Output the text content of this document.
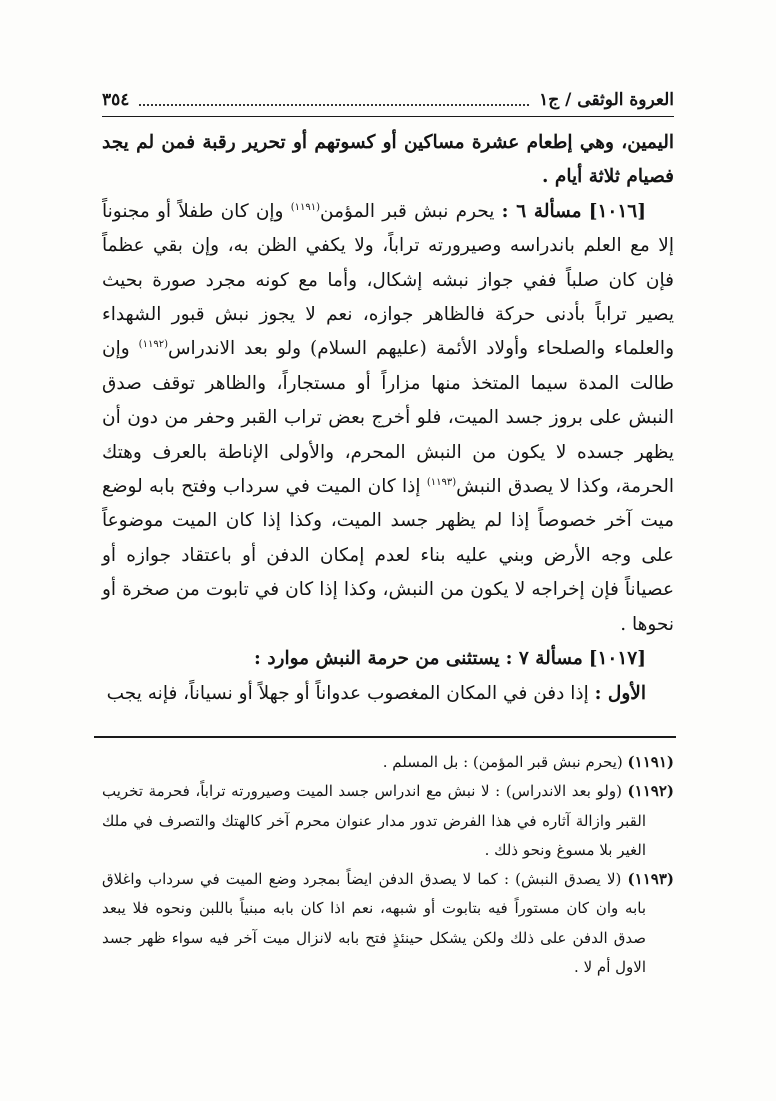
العروة الوثقى / ج١
٣٥٤

اليمين، وهي إطعام عشرة مساكين أو كسوتهم أو تحرير رقبة فمن لم يجد فصيام ثلاثة أيام .

[١٠١٦] مسألة ٦ : يحرم نبش قبر المؤمن$^{(١١٩١)}$ وإن كان طفلاً أو مجنوناً إلا مع العلم باندراسه وصيرورته تراباً، ولا يكفي الظن به، وإن بقي عظماً فإن كان صلباً ففي جواز نبشه إشكال، وأما مع كونه مجرد صورة بحيث يصير تراباً بأدنى حركة فالظاهر جوازه، نعم لا يجوز نبش قبور الشهداء والعلماء والصلحاء وأولاد الأئمة (عليهم السلام) ولو بعد الاندراس$^{(١١٩٢)}$ وإن طالت المدة سيما المتخذ منها مزاراً أو مستجاراً، والظاهر توقف صدق النبش على بروز جسد الميت، فلو أخرج بعض تراب القبر وحفر من دون أن يظهر جسده لا يكون من النبش المحرم، والأولى الإناطة بالعرف وهتك الحرمة، وكذا لا يصدق النبش$^{(١١٩٣)}$ إذا كان الميت في سرداب وفتح بابه لوضع ميت آخر خصوصاً إذا لم يظهر جسد الميت، وكذا إذا كان الميت موضوعاً على وجه الأرض وبني عليه بناء لعدم إمكان الدفن أو باعتقاد جوازه أو عصياناً فإن إخراجه لا يكون من النبش، وكذا إذا كان في تابوت من صخرة أو نحوها .

[١٠١٧] مسألة ٧ : يستثنى من حرمة النبش موارد :

الأول : إذا دفن في المكان المغصوب عدواناً أو جهلاً أو نسياناً، فإنه يجب

(١١٩١) (يحرم نبش قبر المؤمن) : بل المسلم .

(١١٩٢) (ولو بعد الاندراس) : لا نبش مع اندراس جسد الميت وصيرورته تراباً، فحرمة تخريب القبر وازالة آثاره في هذا الفرض تدور مدار عنوان محرم آخر كالهتك والتصرف في ملك الغير بلا مسوغ ونحو ذلك .

(١١٩٣) (لا يصدق النبش) : كما لا يصدق الدفن ايضاً بمجرد وضع الميت في سرداب واغلاق بابه وان كان مستوراً فيه بتابوت أو شبهه، نعم اذا كان بابه مبنياً باللبن ونحوه فلا يبعد صدق الدفن على ذلك ولكن يشكل حينئذٍ فتح بابه لانزال ميت آخر فيه سواء ظهر جسد الاول أم لا .
